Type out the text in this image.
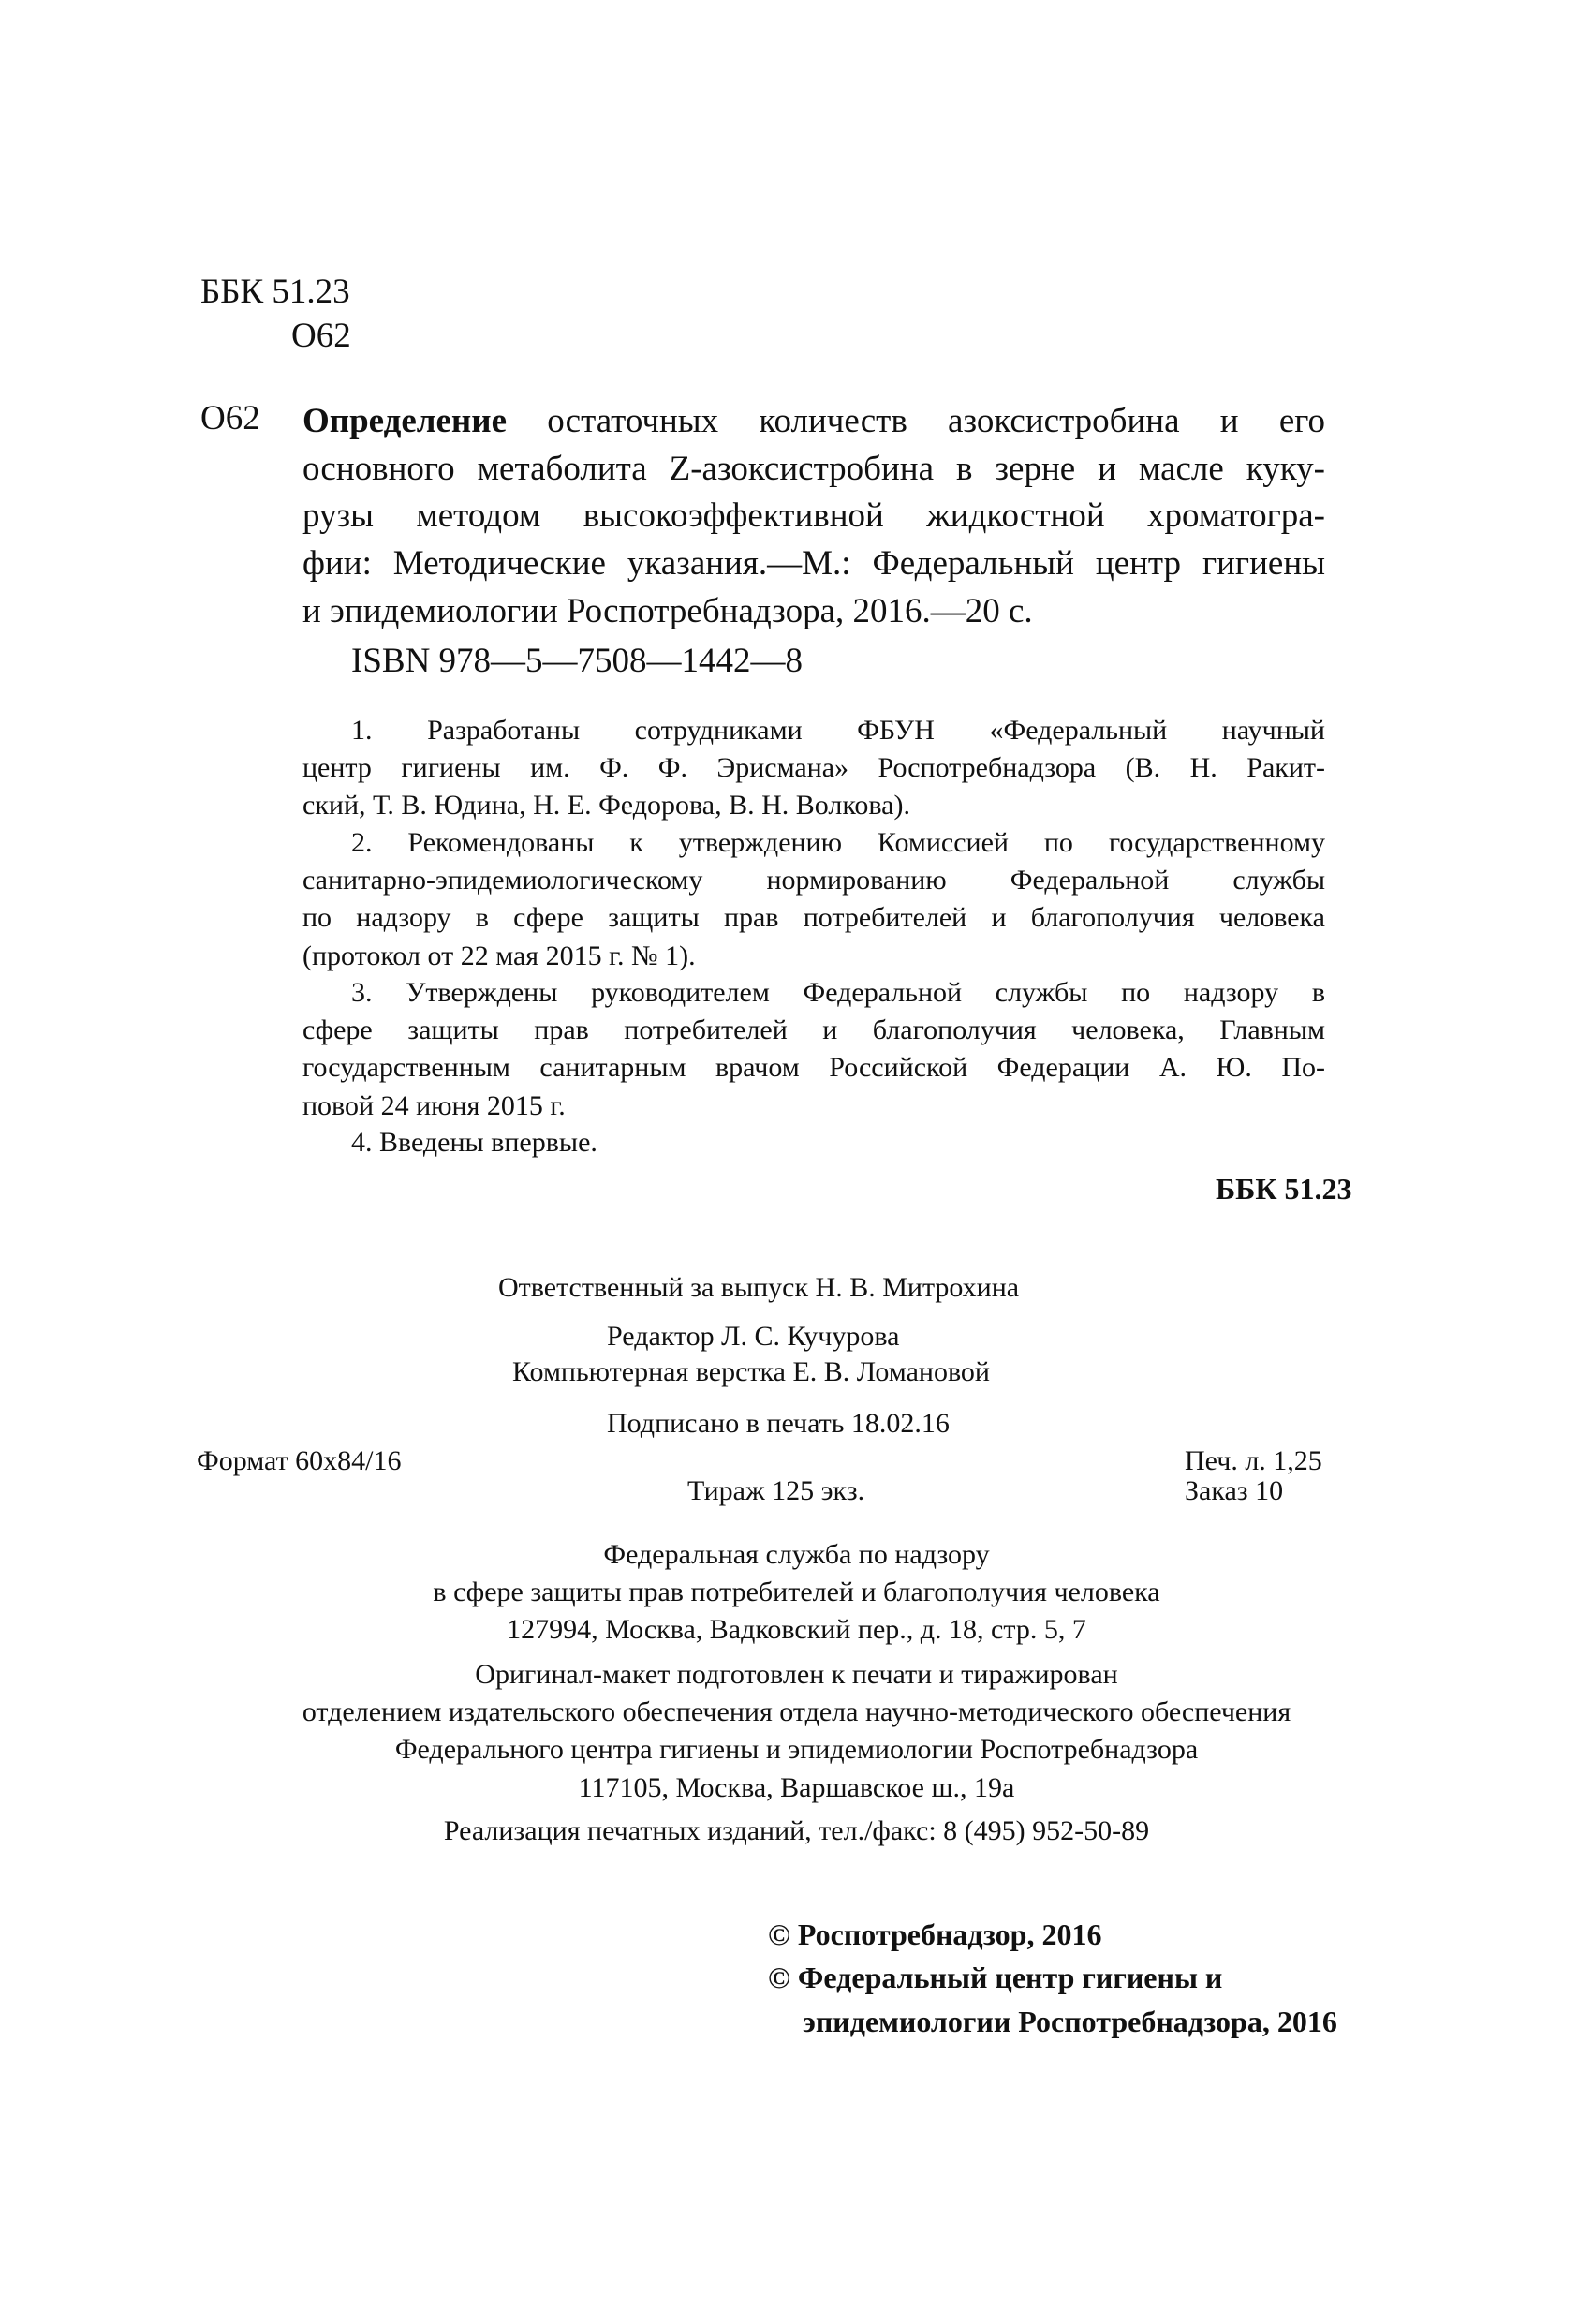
ББК 51.23
О62
О62 Определение остаточных количеств азоксистробина и его
основного метаболита Z-азоксистробина в зерне и масле куку-
рузы методом высокоэффективной жидкостной хроматогра-
фии: Методические указания.—М.: Федеральный центр гигиены
и эпидемиологии Роспотребнадзора, 2016.—20 с.
ISBN 978—5—7508—1442—8
1. Разработаны сотрудниками ФБУН «Федеральный научный
центр гигиены им. Ф. Ф. Эрисмана» Роспотребнадзора (В. Н. Ракит-
ский, Т. В. Юдина, Н. Е. Федорова, В. Н. Волкова).
2. Рекомендованы к утверждению Комиссией по государственному
санитарно-эпидемиологическому нормированию Федеральной службы
по надзору в сфере защиты прав потребителей и благополучия человека
(протокол от 22 мая 2015 г. № 1).
3. Утверждены руководителем Федеральной службы по надзору в
сфере защиты прав потребителей и благополучия человека, Главным
государственным санитарным врачом Российской Федерации А. Ю. По-
повой 24 июня 2015 г.
4. Введены впервые.
ББК 51.23
Ответственный за выпуск Н. В. Митрохина
Редактор Л. С. Кучурова
Компьютерная верстка Е. В. Ломановой
Подписано в печать 18.02.16
Формат 60х84/16	Печ. л. 1,25
Тираж 125 экз.	Заказ 10
Федеральная служба по надзору
в сфере защиты прав потребителей и благополучия человека
127994, Москва, Вадковский пер., д. 18, стр. 5, 7
Оригинал-макет подготовлен к печати и тиражирован
отделением издательского обеспечения отдела научно-методического обеспечения
Федерального центра гигиены и эпидемиологии Роспотребнадзора
117105, Москва, Варшавское ш., 19а
Реализация печатных изданий, тел./факс: 8 (495) 952-50-89
© Роспотребнадзор, 2016
© Федеральный центр гигиены и
эпидемиологии Роспотребнадзора, 2016
